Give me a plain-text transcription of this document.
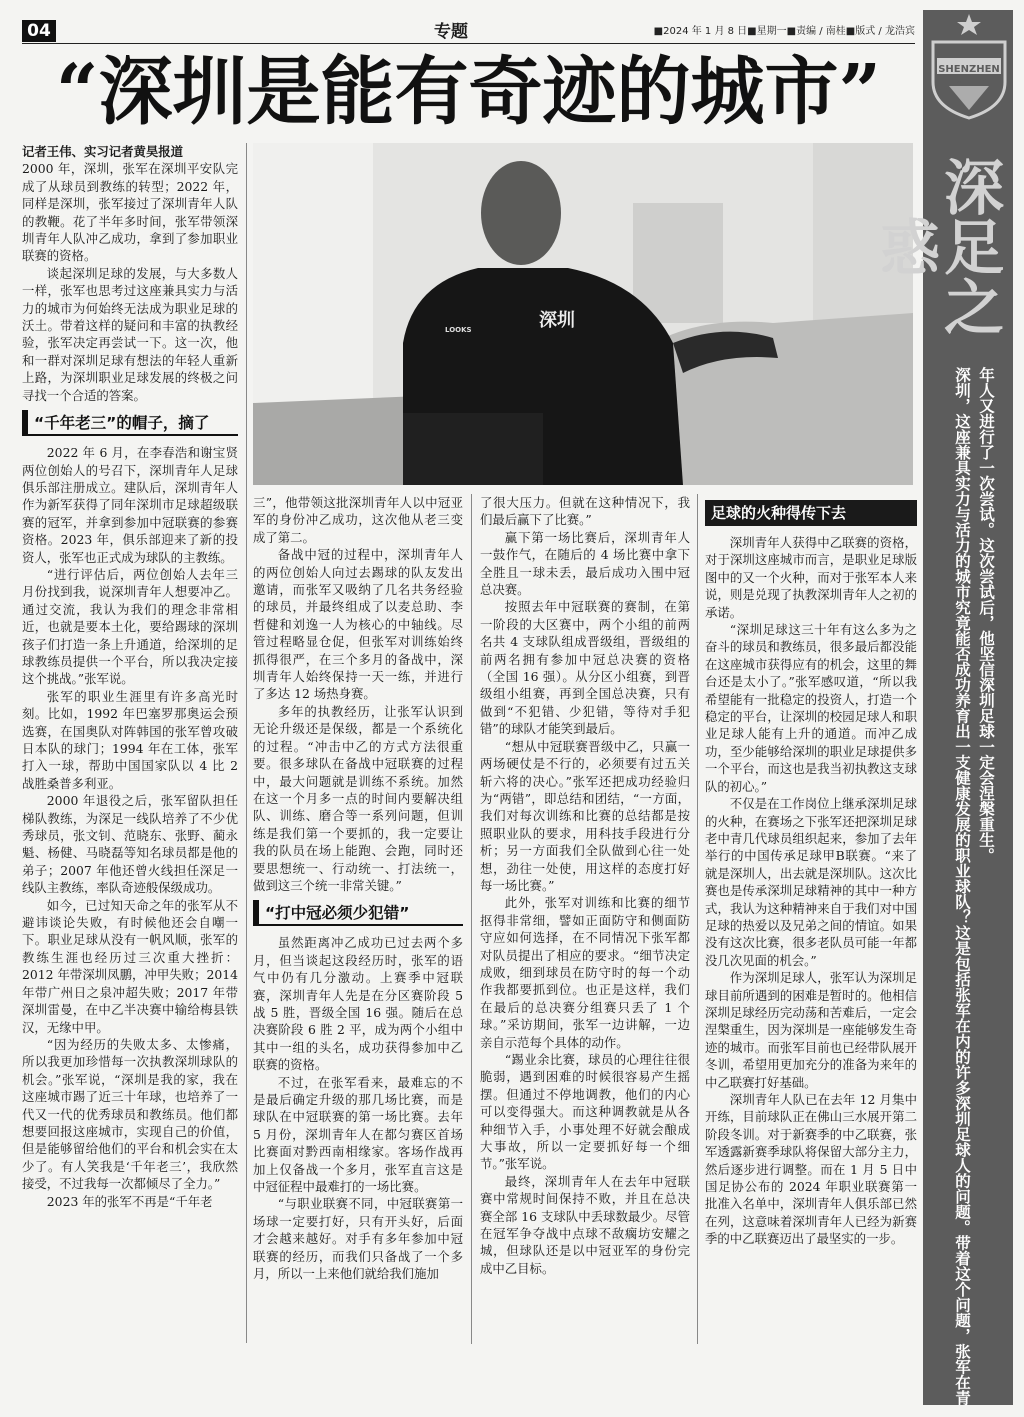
04	专题	■2024 年 1 月 8 日■星期一■责编 / 南桂■版式 / 龙浩宾
“深圳是能有奇迹的城市”
LOOKS	深圳

记者王伟、实习记者黄昊报道

2000 年，深圳，张军在深圳平安队完成了从球员到教练的转型；2022 年，同样是深圳，张军接过了深圳青年人队的教鞭。花了半年多时间，张军带领深圳青年人队冲乙成功，拿到了参加职业联赛的资格。

谈起深圳足球的发展，与大多数人一样，张军也思考过这座兼具实力与活力的城市为何始终无法成为职业足球的沃土。带着这样的疑问和丰富的执教经验，张军决定再尝试一下。这一次，他和一群对深圳足球有想法的年轻人重新上路，为深圳职业足球发展的终极之问寻找一个合适的答案。

“千年老三”的帽子，摘了

2022 年 6 月，在李春浩和谢宝贤两位创始人的号召下，深圳青年人足球俱乐部注册成立。建队后，深圳青年人作为新军获得了同年深圳市足球超级联赛的冠军，并拿到参加中冠联赛的参赛资格。2023 年，俱乐部迎来了新的投资人，张军也正式成为球队的主教练。

“进行评估后，两位创始人去年三月份找到我，说深圳青年人想要冲乙。通过交流，我认为我们的理念非常相近，也就是要本土化，要给踢球的深圳孩子们打造一条上升通道，给深圳的足球教练员提供一个平台，所以我决定接这个挑战。”张军说。

张军的职业生涯里有许多高光时刻。比如，1992 年巴塞罗那奥运会预选赛，在国奥队对阵韩国的张军曾攻破日本队的球门；1994 年在工体，张军打入一球，帮助中国国家队以 4 比 2 战胜桑普多利亚。

2000 年退役之后，张军留队担任梯队教练，为深足一线队培养了不少优秀球员，张文钊、范晓东、张野、蔺永魁、杨健、马晓磊等知名球员都是他的弟子；2007 年他还曾火线担任深足一线队主教练，率队奇迹般保级成功。

如今，已过知天命之年的张军从不避讳谈论失败，有时候他还会自嘲一下。职业足球从没有一帆风顺，张军的教练生涯也经历过三次重大挫折：2012 年带深圳凤鹏，冲甲失败；2014 年带广州日之泉冲超失败；2017 年带深圳雷曼，在中乙半决赛中输给梅县铁汉，无缘中甲。

“因为经历的失败太多、太惨痛，所以我更加珍惜每一次执教深圳球队的机会。”张军说，“深圳是我的家，我在这座城市踢了近三十年球，也培养了一代又一代的优秀球员和教练员。他们都想要回报这座城市，实现自己的价值，但是能够留给他们的平台和机会实在太少了。有人笑我是‘千年老三’，我欣然接受，不过我每一次都倾尽了全力。”

2023 年的张军不再是“千年老

三”，他带领这批深圳青年人以中冠亚军的身份冲乙成功，这次他从老三变成了第二。

备战中冠的过程中，深圳青年人的两位创始人向过去踢球的队友发出邀请，而张军又吸纳了几名共务经验的球员，并最终组成了以麦总助、李哲健和刘逸一人为核心的中轴线。尽管过程略显仓促，但张军对训练始终抓得很严，在三个多月的备战中，深圳青年人始终保持一天一练，并进行了多达 12 场热身赛。

多年的执教经历，让张军认识到无论升级还是保级，都是一个系统化的过程。“冲击中乙的方式方法很重要。很多球队在备战中冠联赛的过程中，最大问题就是训练不系统。加然在这一个月多一点的时间内要解决组队、训练、磨合等一系列问题，但训练是我们第一个要抓的，我一定要让我的队员在场上能跑、会跑，同时还要思想统一、行动统一、打法统一，做到这三个统一非常关键。”

“打中冠必须少犯错”

虽然距离冲乙成功已过去两个多月，但当谈起这段经历时，张军的语气中仍有几分激动。上赛季中冠联赛，深圳青年人先是在分区赛阶段 5 战 5 胜，晋级全国 16 强。随后在总决赛阶段 6 胜 2 平，成为两个小组中其中一组的头名，成功获得参加中乙联赛的资格。

不过，在张军看来，最难忘的不是最后确定升级的那几场比赛，而是球队在中冠联赛的第一场比赛。去年 5 月份，深圳青年人在都匀赛区首场比赛面对黔西南相缘家。客场作战再加上仅备战一个多月，张军直言这是中冠征程中最难打的一场比赛。

“与职业联赛不同，中冠联赛第一场球一定要打好，只有开头好，后面才会越来越好。对手有多年参加中冠联赛的经历，而我们只备战了一个多月，所以一上来他们就给我们施加

了很大压力。但就在这种情况下，我们最后赢下了比赛。”

赢下第一场比赛后，深圳青年人一鼓作气，在随后的 4 场比赛中拿下全胜且一球未丢，最后成功入围中冠总决赛。

按照去年中冠联赛的赛制，在第一阶段的大区赛中，两个小组的前两名共 4 支球队组成晋级组，晋级组的前两名拥有参加中冠总决赛的资格（全国 16 强）。从分区小组赛，到晋级组小组赛，再到全国总决赛，只有做到“不犯错、少犯错，等待对手犯错”的球队才能笑到最后。

“想从中冠联赛晋级中乙，只赢一两场硬仗是不行的，必须要有过五关斩六将的决心。”张军还把成功经验归为“两错”，即总结和团结，“一方面，我们对每次训练和比赛的总结都是按照职业队的要求，用科技手段进行分析；另一方面我们全队做到心往一处想，劲往一处使，用这样的态度打好每一场比赛。”

此外，张军对训练和比赛的细节抠得非常细，譬如正面防守和侧面防守应如何选择，在不同情况下张军都对队员提出了相应的要求。“细节决定成败，细到球员在防守时的每一个动作我都要抓到位。也正是这样，我们在最后的总决赛分组赛只丢了 1 个球。”采访期间，张军一边讲解，一边亲自示范每个具体的动作。

“踢业余比赛，球员的心理往往很脆弱，遇到困难的时候很容易产生摇摆。但通过不停地调教，他们的内心可以变得强大。而这种调教就是从各种细节入手，小事处理不好就会酿成大事故，所以一定要抓好每一个细节。”张军说。

最终，深圳青年人在去年中冠联赛中常规时间保持不败，并且在总决赛全部 16 支球队中丢球数最少。尽管在冠军争夺战中点球不敌瘸坊安耀之城，但球队还是以中冠亚军的身份完成中乙目标。

足球的火种得传下去

深圳青年人获得中乙联赛的资格，对于深圳这座城市而言，是职业足球版图中的又一个火种，而对于张军本人来说，则是兑现了执教深圳青年人之初的承诺。

“深圳足球这三十年有这么多为之奋斗的球员和教练员，很多最后都没能在这座城市获得应有的机会，这里的舞台还是太小了。”张军感叹道，“所以我希望能有一批稳定的投资人，打造一个稳定的平台，让深圳的校园足球人和职业足球人能有上升的通道。而冲乙成功，至少能够给深圳的职业足球提供多一个平台，而这也是我当初执教这支球队的初心。”

不仅是在工作岗位上继承深圳足球的火种，在赛场之下张军还把深圳足球老中青几代球员组织起来，参加了去年举行的中国传承足球甲B联赛。“来了就是深圳人，出去就是深圳队。这次比赛也是传承深圳足球精神的其中一种方式，我认为这种精神来自于我们对中国足球的热爱以及兄弟之间的情谊。如果没有这次比赛，很多老队员可能一年都没几次见面的机会。”

作为深圳足球人，张军认为深圳足球目前所遇到的困难是暂时的。他相信深圳足球经历完动荡和苦难后，一定会涅槃重生，因为深圳是一座能够发生奇迹的城市。而张军目前也已经带队展开冬训，希望用更加充分的准备为来年的中乙联赛打好基础。

深圳青年人队已在去年 12 月集中开练，目前球队正在佛山三水展开第二阶段冬训。对于新赛季的中乙联赛，张军透露新赛季球队将保留大部分主力，然后逐步进行调整。而在 1 月 5 日中国足协公布的 2024 年职业联赛第一批准入名单中，深圳青年人俱乐部已然在列，这意味着深圳青年人已经为新赛季的中乙联赛迈出了最坚实的一步。

SHENZHEN
F.C. 1994
深足之惑
年人又进行了一次尝试。这次尝试后，他坚信深圳足球一定会涅槃重生。
深圳，这座兼具实力与活力的城市究竟能否成功养育出一支健康发展的职业球队？这是包括张军在内的许多深圳足球人的问题。带着这个问题，张军在青
